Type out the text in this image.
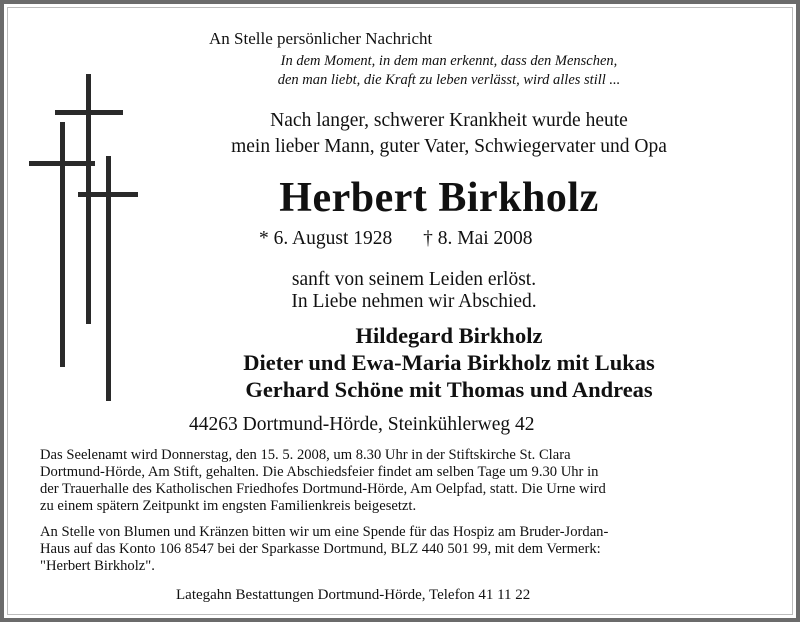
An Stelle persönlicher Nachricht
In dem Moment, in dem man erkennt, dass den Menschen,
den man liebt, die Kraft zu leben verlässt, wird alles still ...
Nach langer, schwerer Krankheit wurde heute
mein lieber Mann, guter Vater, Schwiegervater und Opa
Herbert Birkholz
* 6. August 1928 † 8. Mai 2008
sanft von seinem Leiden erlöst.
In Liebe nehmen wir Abschied.
Hildegard Birkholz
Dieter und Ewa-Maria Birkholz mit Lukas
Gerhard Schöne mit Thomas und Andreas
44263 Dortmund-Hörde, Steinkühlerweg 42
Das Seelenamt wird Donnerstag, den 15. 5. 2008, um 8.30 Uhr in der Stiftskirche St. Clara
Dortmund-Hörde, Am Stift, gehalten. Die Abschiedsfeier findet am selben Tage um 9.30 Uhr in
der Trauerhalle des Katholischen Friedhofes Dortmund-Hörde, Am Oelpfad, statt. Die Urne wird
zu einem spätern Zeitpunkt im engsten Familienkreis beigesetzt.
An Stelle von Blumen und Kränzen bitten wir um eine Spende für das Hospiz am Bruder-Jordan-
Haus auf das Konto 106 8547 bei der Sparkasse Dortmund, BLZ 440 501 99, mit dem Vermerk:
"Herbert Birkholz".
Lategahn Bestattungen Dortmund-Hörde, Telefon 41 11 22
